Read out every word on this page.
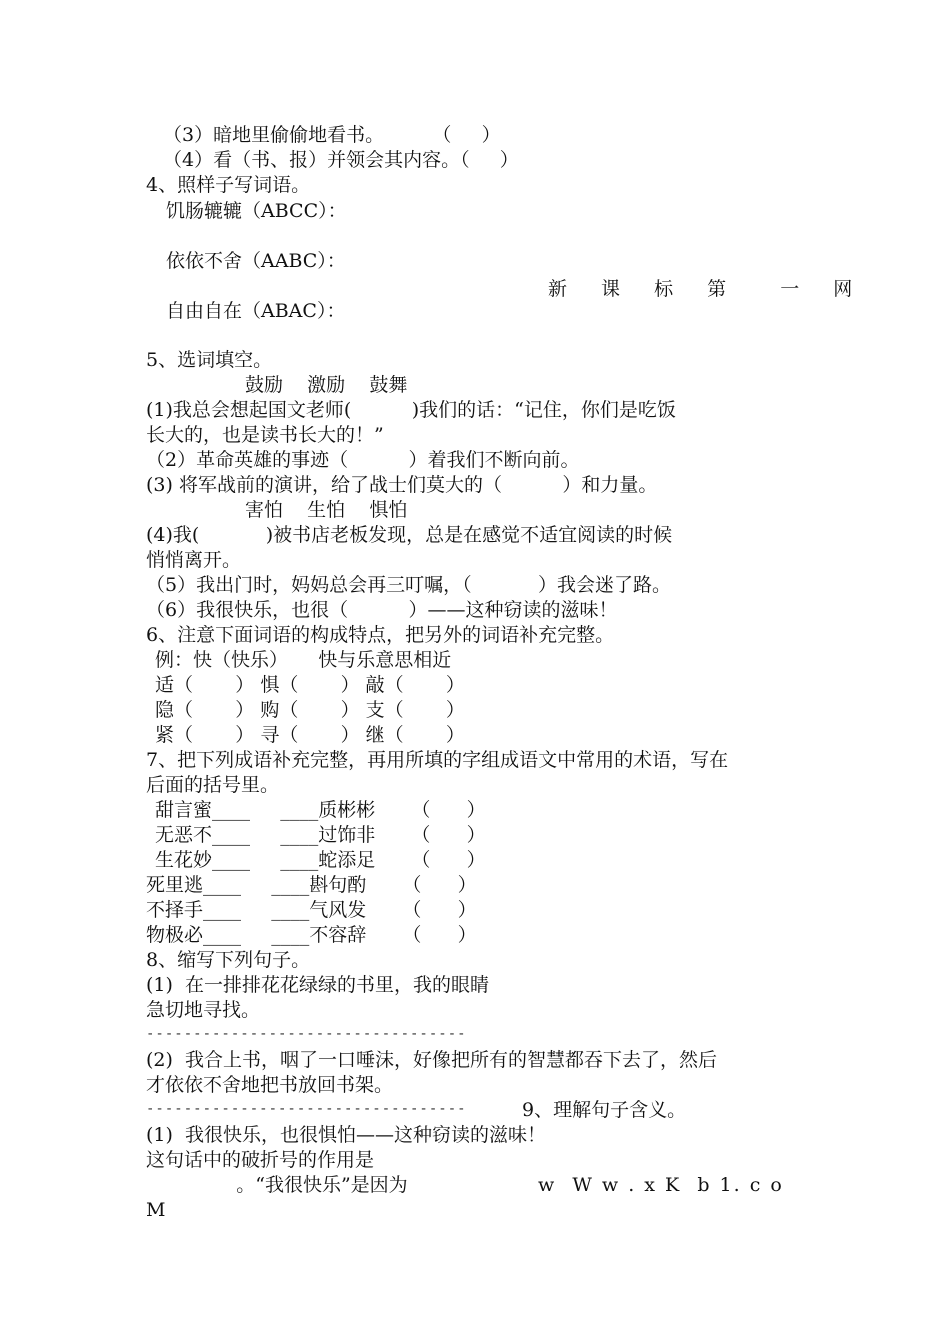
（3）暗地里偷偷地看书。        （     ）
（4）看（书、报）并领会其内容。（     ）
4、照样子写词语。
饥肠辘辘（ABCC）：
依依不舍（AABC）：
新 课 标 第  一 网
自由自在（ABAC）：
5、选词填空。
鼓励    激励    鼓舞
(1)我总会想起国文老师(          )我们的话：“记住，你们是吃饭
长大的，也是读书长大的！”
（2）革命英雄的事迹（          ）着我们不断向前。
(3) 将军战前的演讲，给了战士们莫大的（          ）和力量。
害怕    生怕    惧怕
(4)我(           )被书店老板发现，总是在感觉不适宜阅读的时候
悄悄离开。
（5）我出门时，妈妈总会再三叮嘱，（           ）我会迷了路。
（6）我很快乐，也很（          ）——这种窃读的滋味！
6、注意下面词语的构成特点，把另外的词语补充完整。
例：快（快乐）     快与乐意思相近
适（       ） 惧（       ） 敲（       ）
隐（       ） 购（       ） 支（       ）
紧（       ） 寻（       ） 继（       ）
7、把下列成语补充完整，再用所填的字组成语文中常用的术语，写在
后面的括号里。
甜言蜜____     ____质彬彬      （      ）
无恶不____     ____过饰非      （      ）
生花妙____     ____蛇添足      （      ）
死里逃____     ____斟句酌      （      ）
不择手____     ____气风发      （      ）
物极必____     ____不容辞      （      ）
8、缩写下列句子。
(1)  在一排排花花绿绿的书里，我的眼睛
急切地寻找。
----------------------------------
(2)  我合上书，咽了一口唾沫，好像把所有的智慧都吞下去了，然后
才依依不舍地把书放回书架。
----------------------------------	9、理解句子含义。
(1)  我很快乐，也很惧怕——这种窃读的滋味！
这句话中的破折号的作用是
。“我很快乐”是因为	w  W w . x K  b 1. c o
M
